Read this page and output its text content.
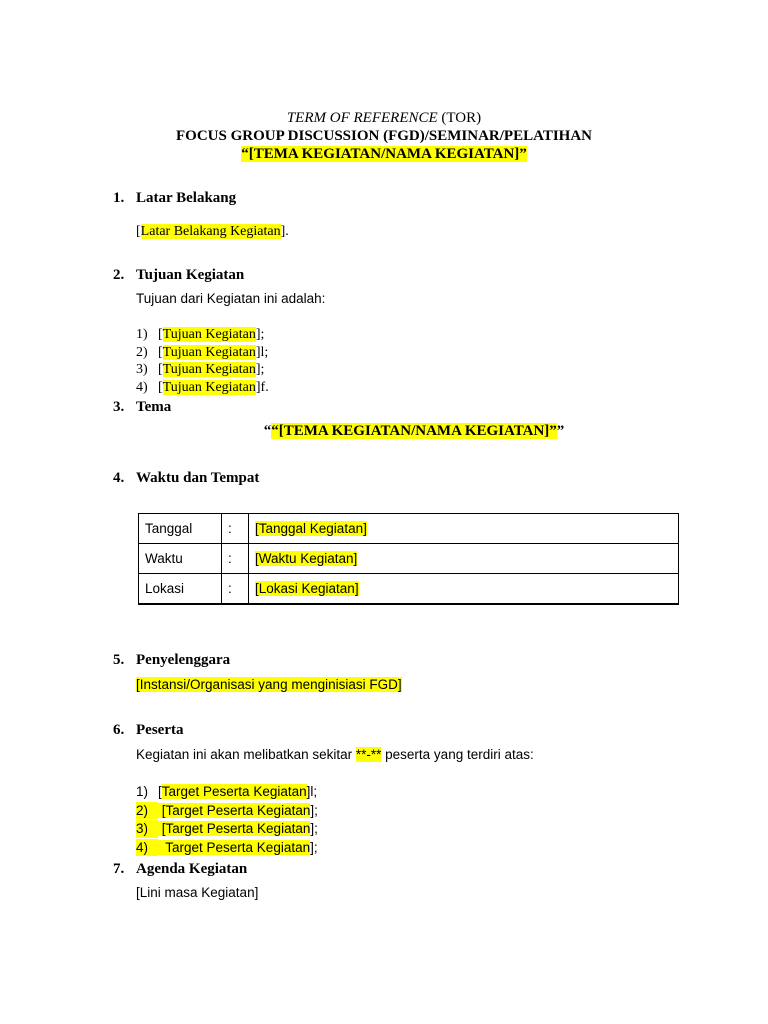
TERM OF REFERENCE (TOR)
FOCUS GROUP DISCUSSION (FGD)/SEMINAR/PELATIHAN
“[TEMA KEGIATAN/NAMA KEGIATAN]”
1. Latar Belakang
[Latar Belakang Kegiatan].
2. Tujuan Kegiatan
Tujuan dari Kegiatan ini adalah:
1) [Tujuan Kegiatan];
2) [Tujuan Kegiatan]l;
3) [Tujuan Kegiatan];
4) [Tujuan Kegiatan]f.
3. Tema
““[TEMA KEGIATAN/NAMA KEGIATAN]””
4. Waktu dan Tempat
Tanggal	:	[Tanggal Kegiatan]
Waktu	:	[Waktu Kegiatan]
Lokasi	:	[Lokasi Kegiatan]
5. Penyelenggara
[Instansi/Organisasi yang menginisiasi FGD]
6. Peserta
Kegiatan ini akan melibatkan sekitar **-** peserta yang terdiri atas:
1) [Target Peserta Kegiatan]l;
2) [Target Peserta Kegiatan];
3) [Target Peserta Kegiatan];
4)  Target Peserta Kegiatan];
7. Agenda Kegiatan
[Lini masa Kegiatan]
